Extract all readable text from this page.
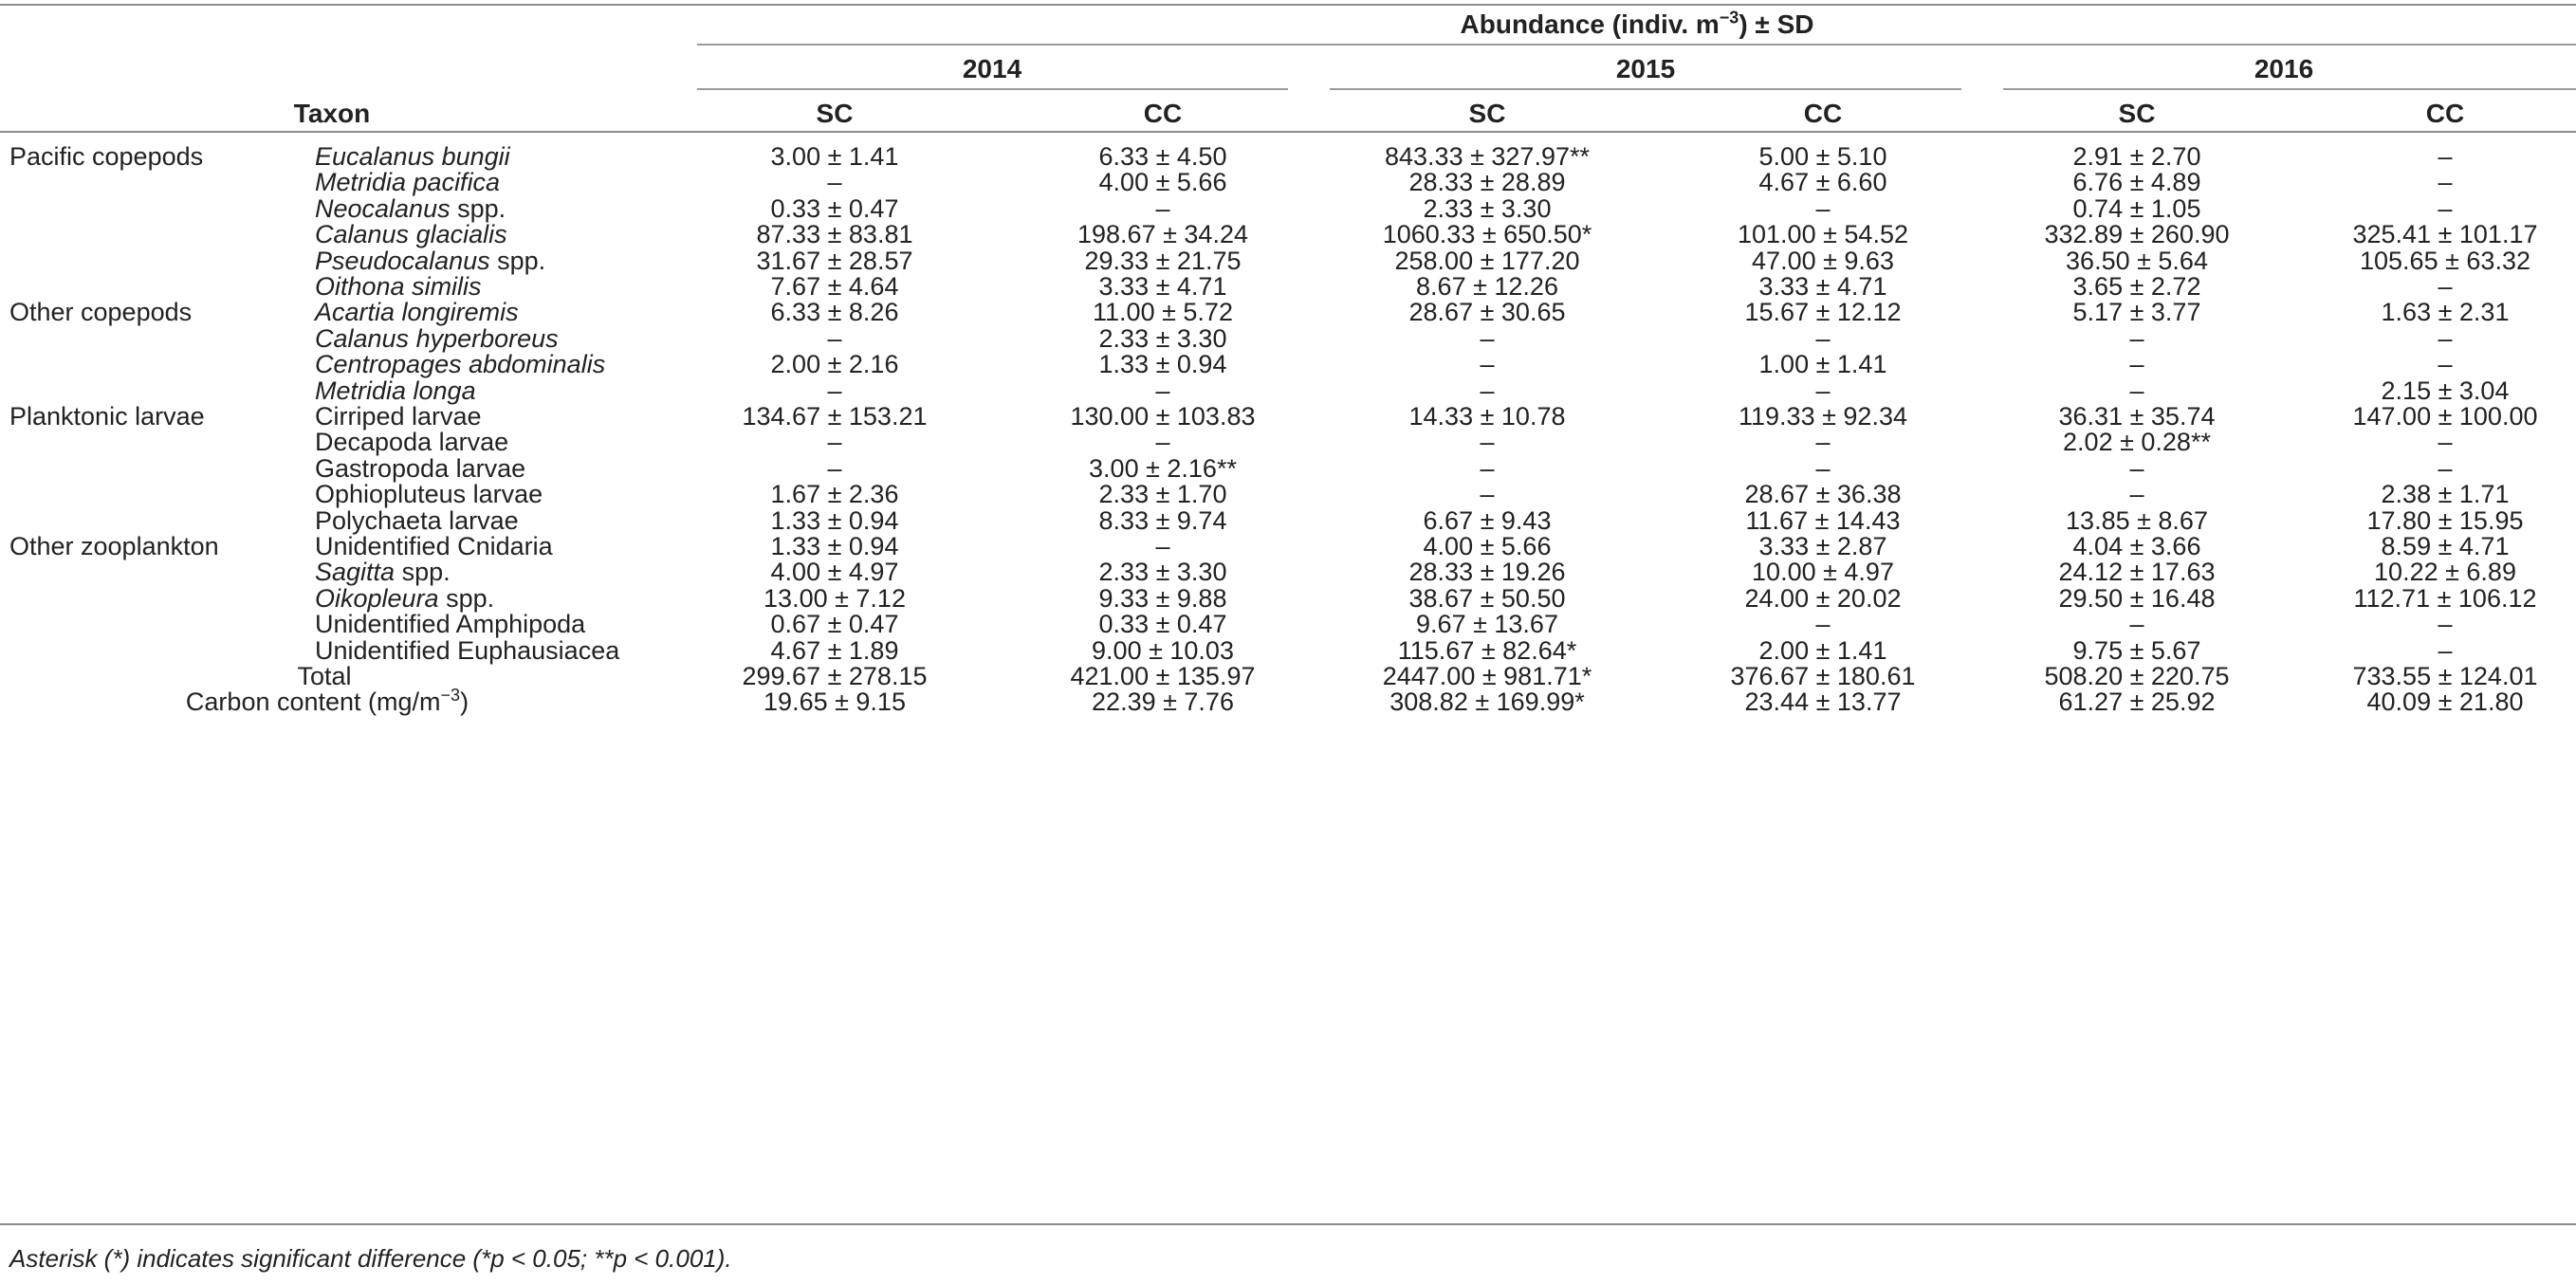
Abundance (indiv. $m^{-3}$) ± SD
Taxon
2014	2015	2016
SC	CC	SC	CC	SC	CC
Pacific copepods	Eucalanus bungii	3.00 ± 1.41	6.33 ± 4.50	843.33 ± 327.97**	5.00 ± 5.10	2.91 ± 2.70	–
Metridia pacifica	–	4.00 ± 5.66	28.33 ± 28.89	4.67 ± 6.60	6.76 ± 4.89	–
Neocalanus spp.	0.33 ± 0.47	–	2.33 ± 3.30	–	0.74 ± 1.05	–
Calanus glacialis	87.33 ± 83.81	198.67 ± 34.24	1060.33 ± 650.50*	101.00 ± 54.52	332.89 ± 260.90	325.41 ± 101.17
Pseudocalanus spp.	31.67 ± 28.57	29.33 ± 21.75	258.00 ± 177.20	47.00 ± 9.63	36.50 ± 5.64	105.65 ± 63.32
Oithona similis	7.67 ± 4.64	3.33 ± 4.71	8.67 ± 12.26	3.33 ± 4.71	3.65 ± 2.72	–
Other copepods	Acartia longiremis	6.33 ± 8.26	11.00 ± 5.72	28.67 ± 30.65	15.67 ± 12.12	5.17 ± 3.77	1.63 ± 2.31
Calanus hyperboreus	–	2.33 ± 3.30	–	–	–	–
Centropages abdominalis	2.00 ± 2.16	1.33 ± 0.94	–	1.00 ± 1.41	–	–
Metridia longa	–	–	–	–	–	2.15 ± 3.04
Planktonic larvae	Cirriped larvae	134.67 ± 153.21	130.00 ± 103.83	14.33 ± 10.78	119.33 ± 92.34	36.31 ± 35.74	147.00 ± 100.00
Decapoda larvae	–	–	–	–	2.02 ± 0.28**	–
Gastropoda larvae	–	3.00 ± 2.16**	–	–	–	–
Ophiopluteus larvae	1.67 ± 2.36	2.33 ± 1.70	–	28.67 ± 36.38	–	2.38 ± 1.71
Polychaeta larvae	1.33 ± 0.94	8.33 ± 9.74	6.67 ± 9.43	11.67 ± 14.43	13.85 ± 8.67	17.80 ± 15.95
Other zooplankton	Unidentified Cnidaria	1.33 ± 0.94	–	4.00 ± 5.66	3.33 ± 2.87	4.04 ± 3.66	8.59 ± 4.71
Sagitta spp.	4.00 ± 4.97	2.33 ± 3.30	28.33 ± 19.26	10.00 ± 4.97	24.12 ± 17.63	10.22 ± 6.89
Oikopleura spp.	13.00 ± 7.12	9.33 ± 9.88	38.67 ± 50.50	24.00 ± 20.02	29.50 ± 16.48	112.71 ± 106.12
Unidentified Amphipoda	0.67 ± 0.47	0.33 ± 0.47	9.67 ± 13.67	–	–	–
Unidentified Euphausiacea	4.67 ± 1.89	9.00 ± 10.03	115.67 ± 82.64*	2.00 ± 1.41	9.75 ± 5.67	–
Total	299.67 ± 278.15	421.00 ± 135.97	2447.00 ± 981.71*	376.67 ± 180.61	508.20 ± 220.75	733.55 ± 124.01
Carbon content $(mg/m^{-3})$	19.65 ± 9.15	22.39 ± 7.76	308.82 ± 169.99*	23.44 ± 13.77	61.27 ± 25.92	40.09 ± 21.80
Asterisk (*) indicates significant difference (*p < 0.05; **p < 0.001).
